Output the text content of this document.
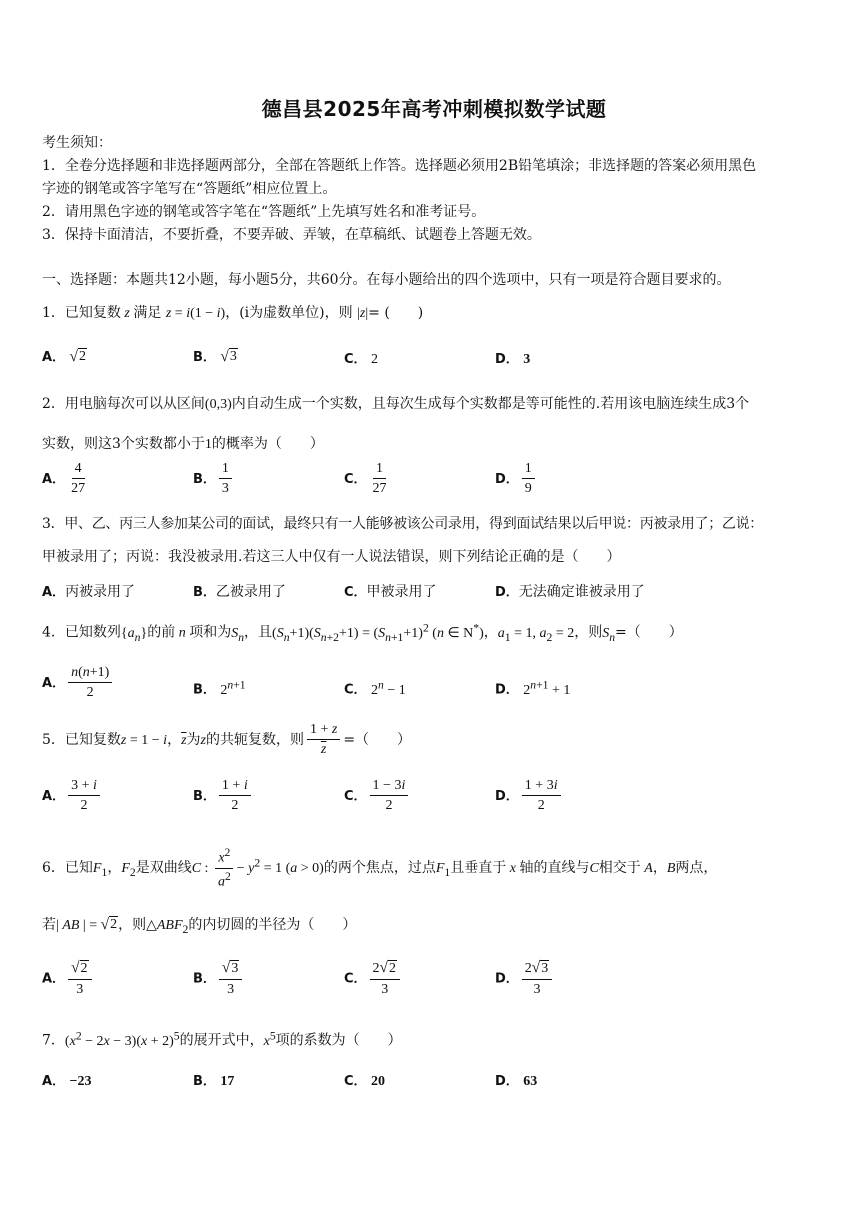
德昌县2025年高考冲刺模拟数学试题
考生须知：
1．全卷分选择题和非选择题两部分，全部在答题纸上作答。选择题必须用2B铅笔填涂；非选择题的答案必须用黑色
字迹的钢笔或答字笔写在“答题纸”相应位置上。
2．请用黑色字迹的钢笔或答字笔在“答题纸”上先填写姓名和准考证号。
3．保持卡面清洁，不要折叠，不要弄破、弄皱，在草稿纸、试题卷上答题无效。
一、选择题：本题共12小题，每小题5分，共60分。在每小题给出的四个选项中，只有一项是符合题目要求的。
1．已知复数 z 满足 z = i(1 − i)，(i为虚数单位)，则 |z|= (　　)
A． √ 2	B． √ 3	C． 2	D． 3
2．用电脑每次可以从区间(0,3)内自动生成一个实数，且每次生成每个实数都是等可能性的.若用该电脑连续生成3个
实数，则这3个实数都小于1的概率为（　　）
A． $\frac{4}{27}$	B． $\frac{1}{3}$	C． $\frac{1}{27}$	D． $\frac{1}{9}$
3．甲、乙、丙三人参加某公司的面试，最终只有一人能够被该公司录用，得到面试结果以后甲说：丙被录用了；乙说：
甲被录用了；丙说：我没被录用.若这三人中仅有一人说法错误，则下列结论正确的是（　　）
A．丙被录用了	B．乙被录用了	C．甲被录用了	D．无法确定谁被录用了
4．已知数列$\{a_n\}$的前 n 项和为$S_n$，且$(S_n+1)(S_{n+2}+1) = (S_{n+1}+1)^2$ (n ∈ N*)，$a_1 = 1$, $a_2 = 2$，则$S_n=$（　　）
A． $\frac{n(n+1)}{2}$	B． $2^{n+1}$	C． $2^n - 1$	D． $2^{n+1} + 1$
5．已知复数z = 1 − i，$\overline{z}$为z的共轭复数，则 $\frac{1 + z}{z}$ =（　　）
A． $\frac{3 + i}{2}$	B． $\frac{1 + i}{2}$	C． $\frac{1 - 3i}{2}$	D． $\frac{1 + 3i}{2}$
6．已知$F_1$，$F_2$是双曲线C : $\frac{x^2}{a^2} - y^2 = 1$ (a > 0)的两个焦点，过点$F_1$且垂直于 x 轴的直线与C相交于 A，B两点，
若| AB | = √ 2 ，则$\triangle ABF_2$的内切圆的半径为（　　）
A． $\frac{√ 2}{3}$	B． $\frac{√ 3}{3}$	C． $\frac{2 √ 2}{3}$	D． $\frac{2 √ 3}{3}$
7．$(x^2 - 2x - 3)(x + 2)^5$的展开式中，$x^5$项的系数为（　　）
A． −23	B． 17	C． 20	D． 63
